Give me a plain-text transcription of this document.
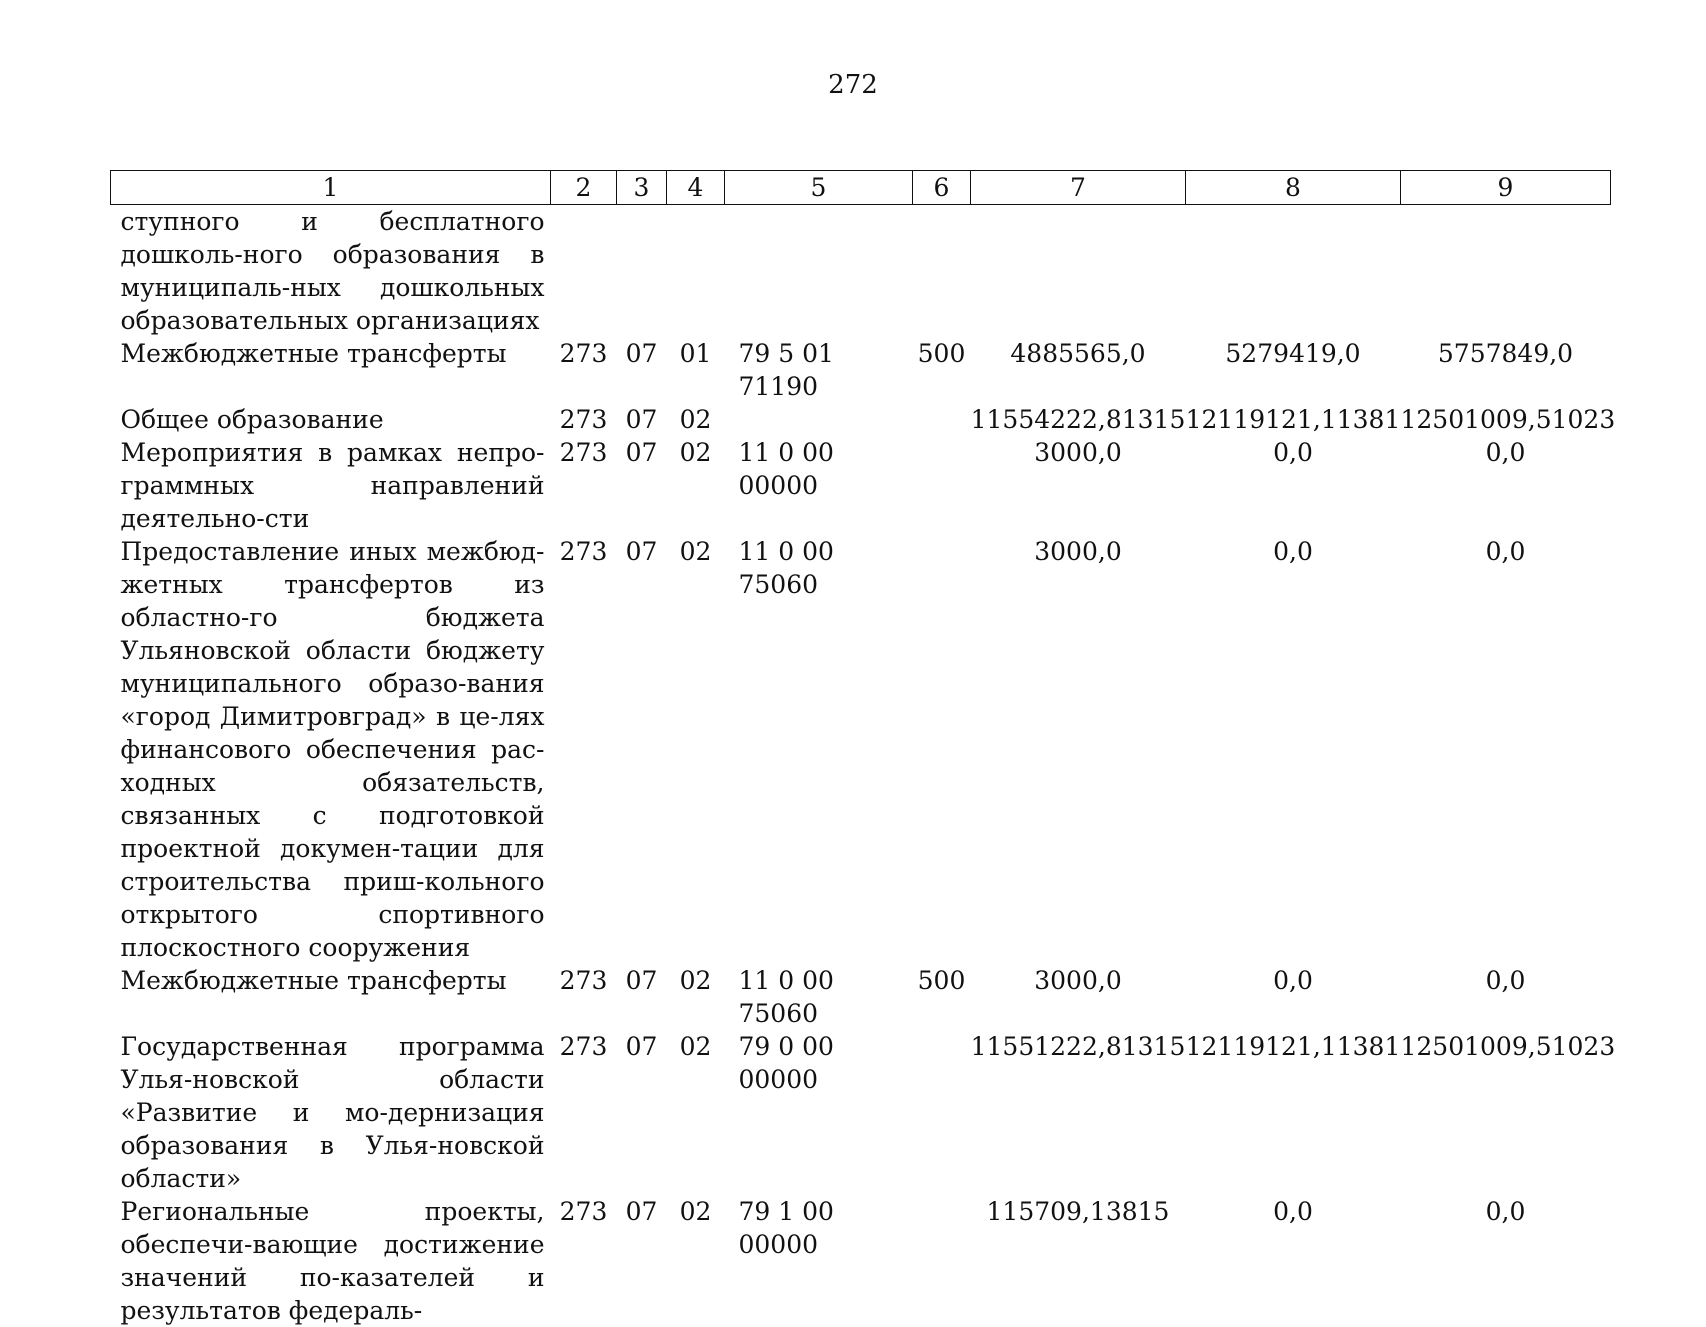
272
1	2	3	4	5	6	7	8	9
ступного и бесплатного дошколь-ного образования в муниципаль-ных дошкольных образовательных организациях								
Межбюджетные трансферты	273	07	01	79 5 01 71190	500	4885565,0	5279419,0	5757849,0
Общее образование	273	07	02			11554222,81315	12119121,11381	12501009,51023
Мероприятия в рамках непро-граммных направлений деятельно-сти	273	07	02	11 0 00 00000		3000,0	0,0	0,0
Предоставление иных межбюд-жетных трансфертов из областно-го бюджета Ульяновской области бюджету муниципального образо-вания «город Димитровград» в це-лях финансового обеспечения рас-ходных обязательств, связанных с подготовкой проектной докумен-тации для строительства приш-кольного открытого спортивного плоскостного сооружения	273	07	02	11 0 00 75060		3000,0	0,0	0,0
Межбюджетные трансферты	273	07	02	11 0 00 75060	500	3000,0	0,0	0,0
Государственная программа Улья-новской области «Развитие и мо-дернизация образования в Улья-новской области»	273	07	02	79 0 00 00000		11551222,81315	12119121,11381	12501009,51023
Региональные проекты, обеспечи-вающие достижение значений по-казателей и результатов федераль-	273	07	02	79 1 00 00000		115709,13815	0,0	0,0
